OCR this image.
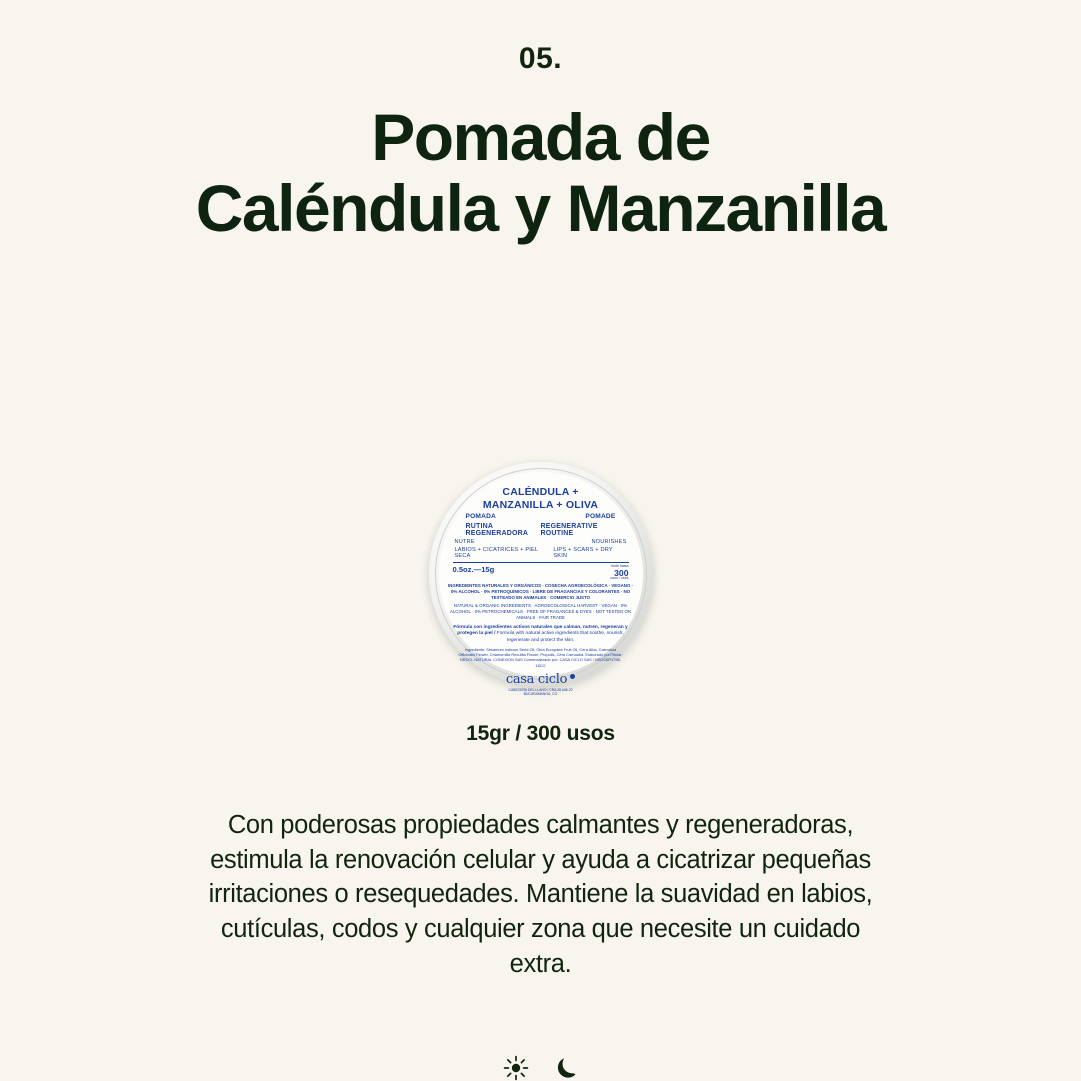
05.
Pomada de
Caléndula y Manzanilla
CALÉNDULA +
MANZANILLA + OLIVA
POMADA	POMADE
RUTINA REGENERADORA
REGENERATIVE ROUTINE
NUTRE	NOURISHES
LABIOS + CICATRICES + PIEL SECA
LIPS + SCARS + DRY SKIN
0.5oz.—15g	rinde hasta
300
usos / uses
INGREDIENTES NATURALES Y ORGÁNICOS · COSECHA AGROECOLÓGICA · VEGANO · 0% ALCOHOL · 0% PETROQUÍMICOS · LIBRE DE FRAGANCIAS Y COLORANTES · NO TESTEADO EN ANIMALES · COMERCIO JUSTO
NATURAL & ORGANIC INGREDIENTS · AGROECOLOGICAL HARVEST · VEGAN · 0% ALCOHOL · 0% PETROCHEMICALS · FREE OF FRAGANCES & DYES · NOT TESTED ON ANIMALS · FAIR TRADE
Fórmula con ingredientes activos naturales que calman, nutren, regeneran y protegen la piel / Formula with natural active ingredients that soothe, nourish, regenerate and protect the skin.
Ingredients: Sesamum indicum Seed Oil, Olea Europaea Fruit Oil, Cera Alba, Calendula Officinalis Flower, Chamomilla Recutita Flower, Propolis, Cera Carnauba. Elaborado por/Titular: NRDCL NATURAL CONEXION SAS Comercializado por: CASA CICLO SAS / NSOC6P1798-18CO
casa ciclo
CABECERA DEL LLANO / CRA 28 #48-20
BUCARAMANGA, CO
15gr / 300 usos

Con poderosas propiedades calmantes y regeneradoras, estimula la renovación celular y ayuda a cicatrizar pequeñas irritaciones o resequedades. Mantiene la suavidad en labios, cutículas, codos y cualquier zona que necesite un cuidado extra.
